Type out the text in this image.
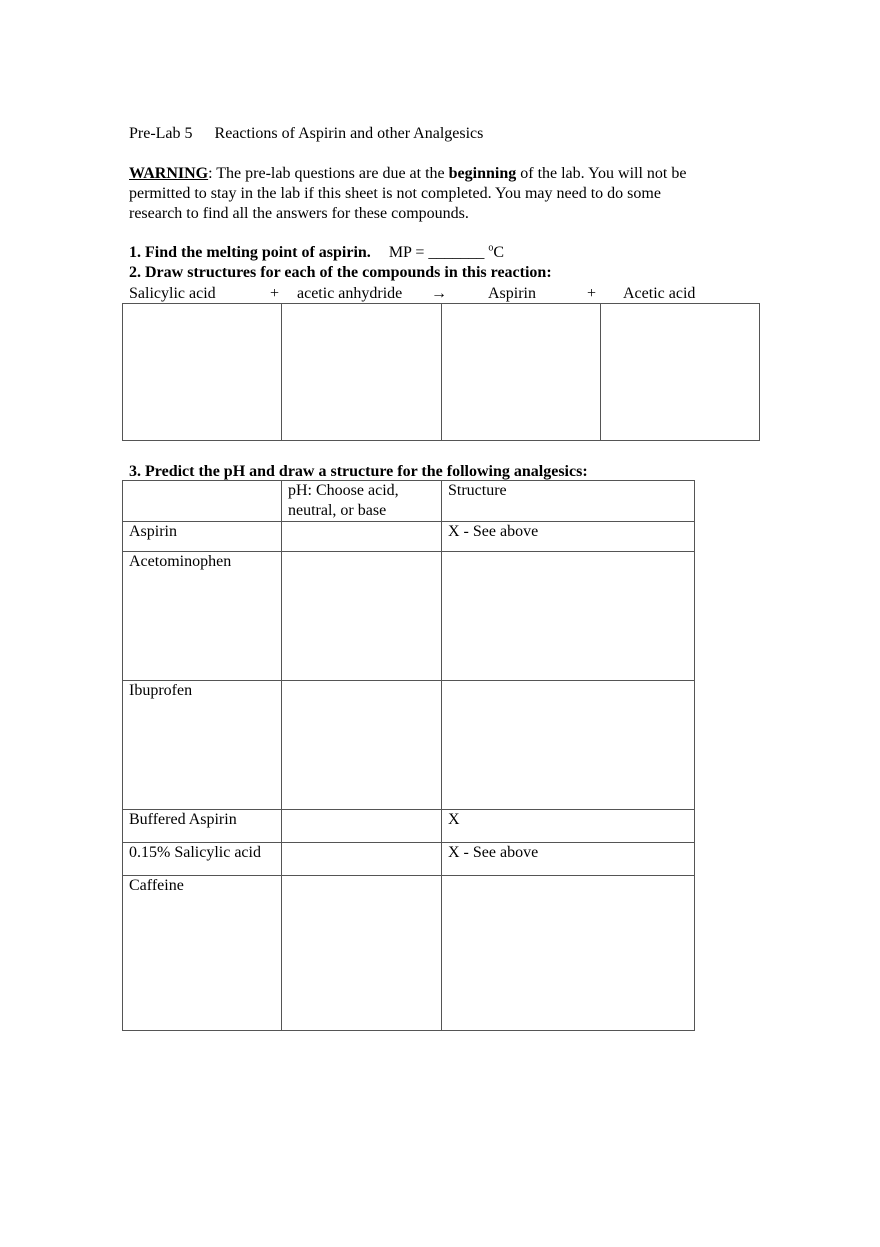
Pre-Lab 5 Reactions of Aspirin and other Analgesics
WARNING: The pre-lab questions are due at the beginning of the lab. You will not be
permitted to stay in the lab if this sheet is not completed. You may need to do some
research to find all the answers for these compounds.
1. Find the melting point of aspirin. MP = _______ $^o$C
2. Draw structures for each of the compounds in this reaction:
Salicylic acid	+ acetic anhydride →	Aspirin	+ Acetic acid

3. Predict the pH and draw a structure for the following analgesics:
	pH: Choose acid, neutral, or base	Structure
Aspirin		X - See above
Acetominophen		
Ibuprofen		
Buffered Aspirin		X
0.15% Salicylic acid		X - See above
Caffeine		
